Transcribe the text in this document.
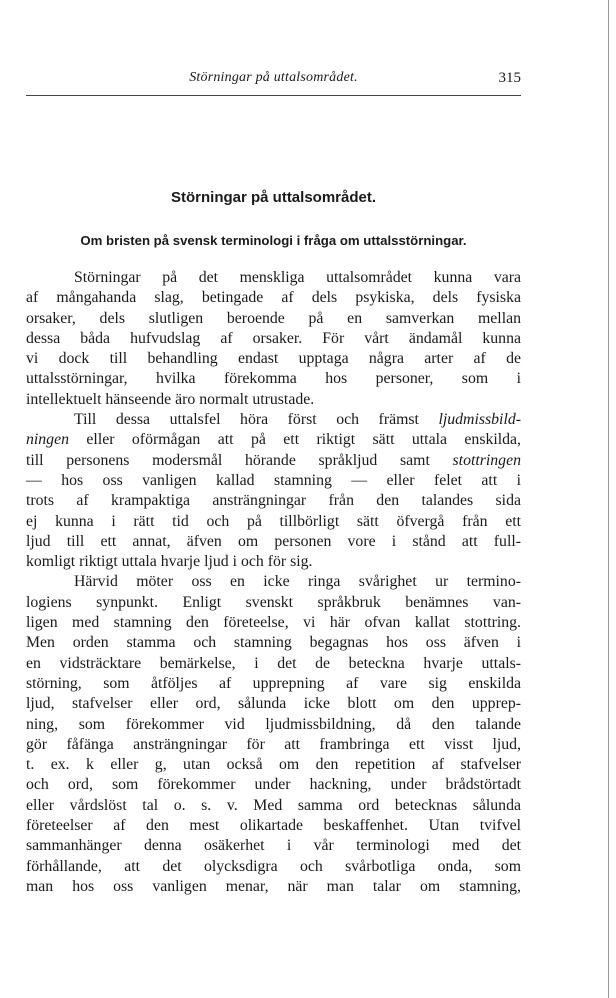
Störningar på uttalsområdet.	315
Störningar på uttalsområdet.
Om bristen på svensk terminologi i fråga om uttalsstörningar.
Störningar på det menskliga uttalsområdet kunna vara
af mångahanda slag, betingade af dels psykiska, dels fysiska
orsaker, dels slutligen beroende på en samverkan mellan
dessa båda hufvudslag af orsaker. För vårt ändamål kunna
vi dock till behandling endast upptaga några arter af de
uttalsstörningar, hvilka förekomma hos personer, som i
intellektuelt hänseende äro normalt utrustade.
Till dessa uttalsfel höra först och främst ljudmissbild-
ningen eller oförmågan att på ett riktigt sätt uttala enskilda,
till personens modersmål hörande språkljud samt stottringen
— hos oss vanligen kallad stamning — eller felet att i
trots af krampaktiga ansträngningar från den talandes sida
ej kunna i rätt tid och på tillbörligt sätt öfvergå från ett
ljud till ett annat, äfven om personen vore i stånd att full-
komligt riktigt uttala hvarje ljud i och för sig.
Härvid möter oss en icke ringa svårighet ur termino-
logiens synpunkt. Enligt svenskt språkbruk benämnes van-
ligen med stamning den företeelse, vi här ofvan kallat stottring.
Men orden stamma och stamning begagnas hos oss äfven i
en vidsträcktare bemärkelse, i det de beteckna hvarje uttals-
störning, som åtföljes af upprepning af vare sig enskilda
ljud, stafvelser eller ord, sålunda icke blott om den upprep-
ning, som förekommer vid ljudmissbildning, då den talande
gör fåfänga ansträngningar för att frambringa ett visst ljud,
t. ex. k eller g, utan också om den repetition af stafvelser
och ord, som förekommer under hackning, under brådstörtadt
eller vårdslöst tal o. s. v. Med samma ord betecknas sålunda
företeelser af den mest olikartade beskaffenhet. Utan tvifvel
sammanhänger denna osäkerhet i vår terminologi med det
förhållande, att det olycksdigra och svårbotliga onda, som
man hos oss vanligen menar, när man talar om stamning,
